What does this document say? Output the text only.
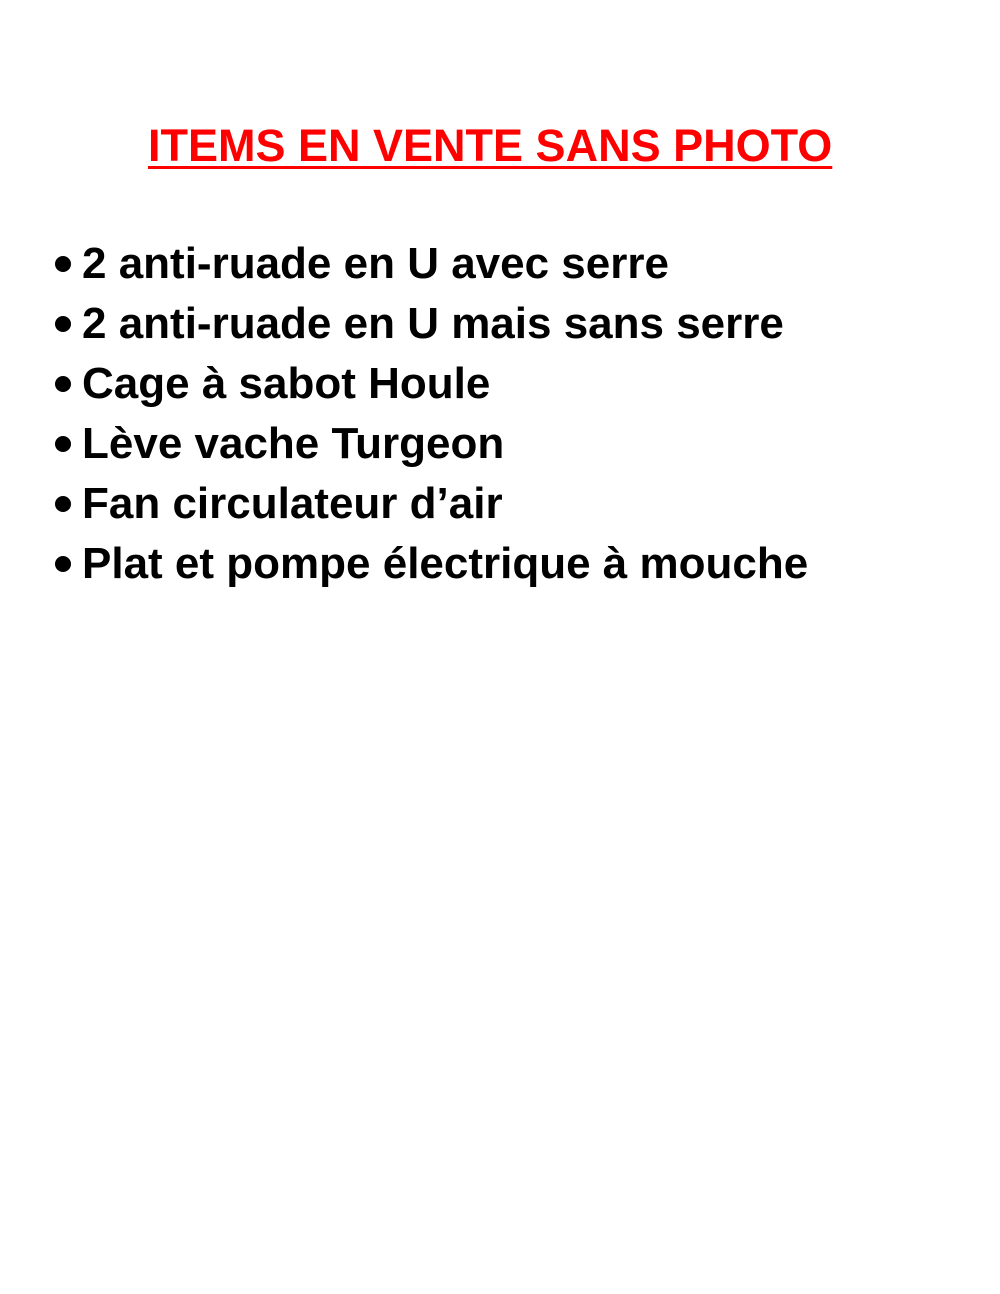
ITEMS EN VENTE SANS PHOTO
2 anti-ruade en U avec serre
2 anti-ruade en U mais sans serre
Cage à sabot Houle
Lève vache Turgeon
Fan circulateur d’air
Plat et pompe électrique à mouche
